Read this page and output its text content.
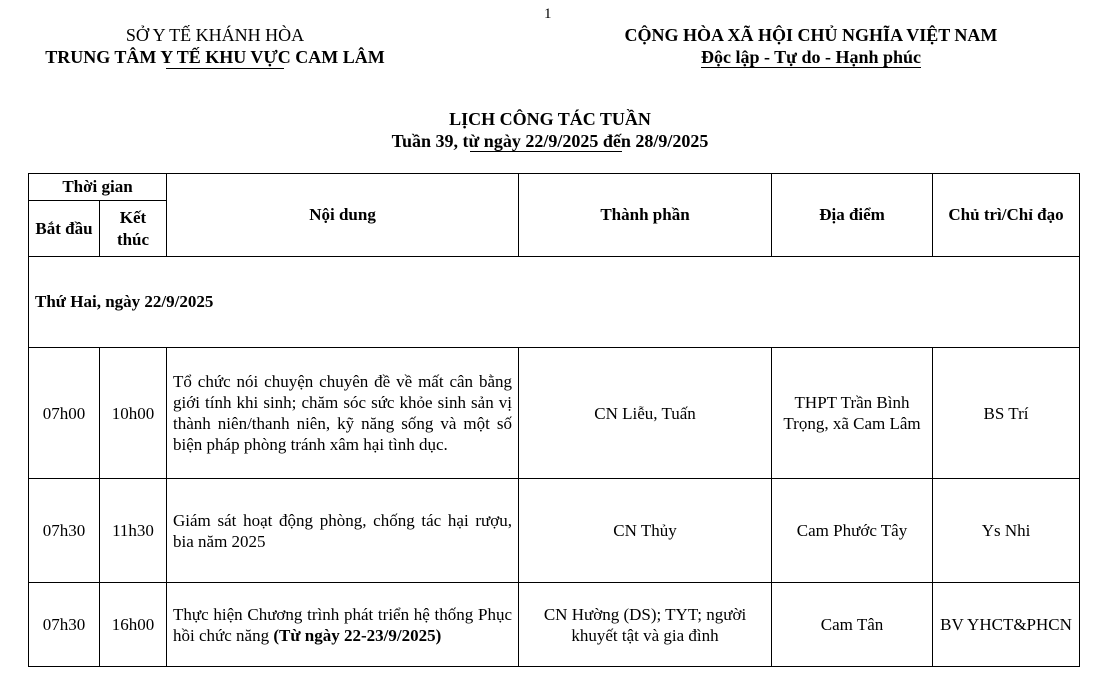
1
SỞ Y TẾ KHÁNH HÒA
TRUNG TÂM Y TẾ KHU VỰC CAM LÂM
CỘNG HÒA XÃ HỘI CHỦ NGHĨA VIỆT NAM
Độc lập - Tự do - Hạnh phúc
LỊCH CÔNG TÁC TUẦN
Tuần 39, từ ngày 22/9/2025 đến 28/9/2025
Thời gian		Nội dung	Thành phần	Địa điểm	Chủ trì/Chỉ đạo
Bắt đầu	Kết thúc				
Thứ Hai, ngày 22/9/2025					
07h00	10h00	Tổ chức nói chuyện chuyên đề về mất cân bằng giới tính khi sinh; chăm sóc sức khỏe sinh sản vị thành niên/thanh niên, kỹ năng sống và một số biện pháp phòng tránh xâm hại tình dục.	CN Liễu, Tuấn	THPT Trần Bình Trọng, xã Cam Lâm	BS Trí
07h30	11h30	Giám sát hoạt động phòng, chống tác hại rượu, bia năm 2025	CN Thủy	Cam Phước Tây	Ys Nhi
07h30	16h00	Thực hiện Chương trình phát triển hệ thống Phục hồi chức năng (Từ ngày 22-23/9/2025)	CN Hường (DS); TYT; người khuyết tật và gia đình	Cam Tân	BV YHCT&PHCN
